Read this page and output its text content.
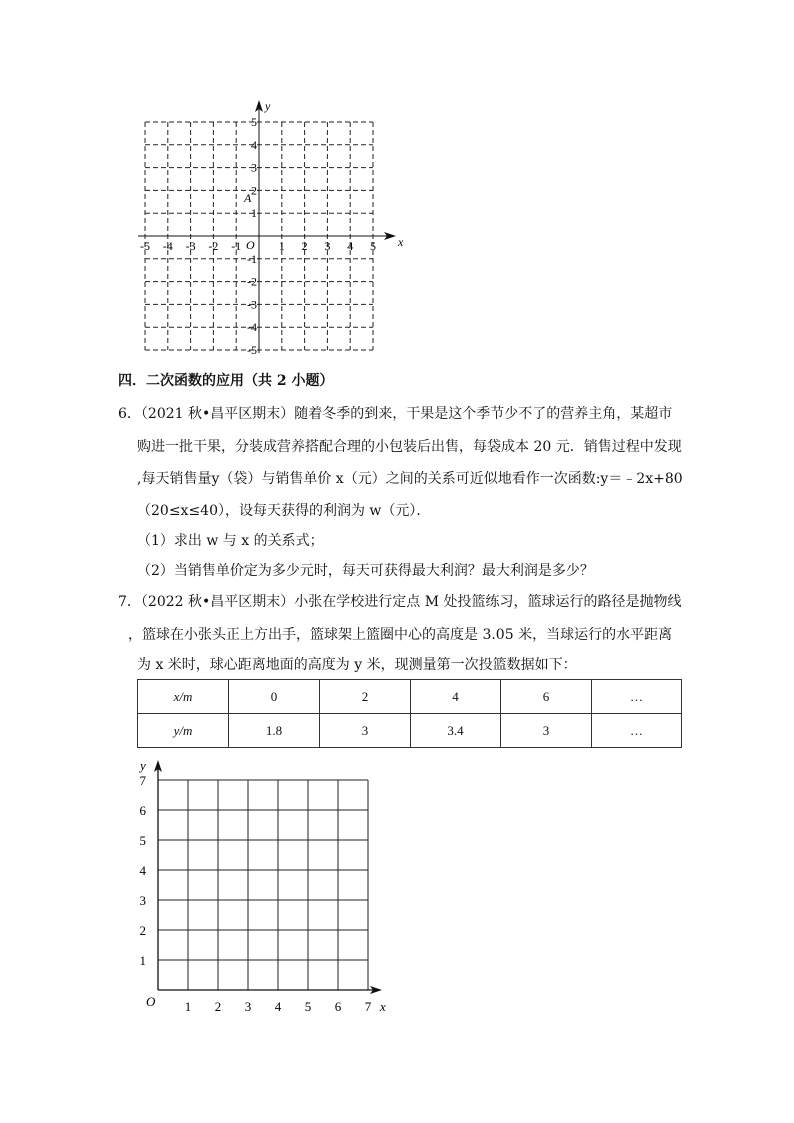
x
y
O
A
-5 -4 -3 -2 -1	1 2 3 4 5
5
4
3
2
1
-1
-2
-3
-4
-5
四．二次函数的应用（共 2 小题）
6．（2021 秋•昌平区期末）随着冬季的到来，干果是这个季节少不了的营养主角，某超市
购进一批干果，分装成营养搭配合理的小包装后出售，每袋成本 20 元．销售过程中发现
,每天销售量y（袋）与销售单价 x（元）之间的关系可近似地看作一次函数:y＝﹣2x+80
（20≤x≤40），设每天获得的利润为 w（元）．
（1）求出 w 与 x 的关系式；
（2）当销售单价定为多少元时，每天可获得最大利润？最大利润是多少？
7．（2022 秋•昌平区期末）小张在学校进行定点 M 处投篮练习，篮球运行的路径是抛物线
，篮球在小张头正上方出手，篮球架上篮圈中心的高度是 3.05 米，当球运行的水平距离
为 x 米时，球心距离地面的高度为 y 米，现测量第一次投篮数据如下：
x/m	0	2	4	6	…
y/m	1.8	3	3.4	3	…
x
y
O 1 2 3 4 5 6 7
1
2
3
4
5
6
7
